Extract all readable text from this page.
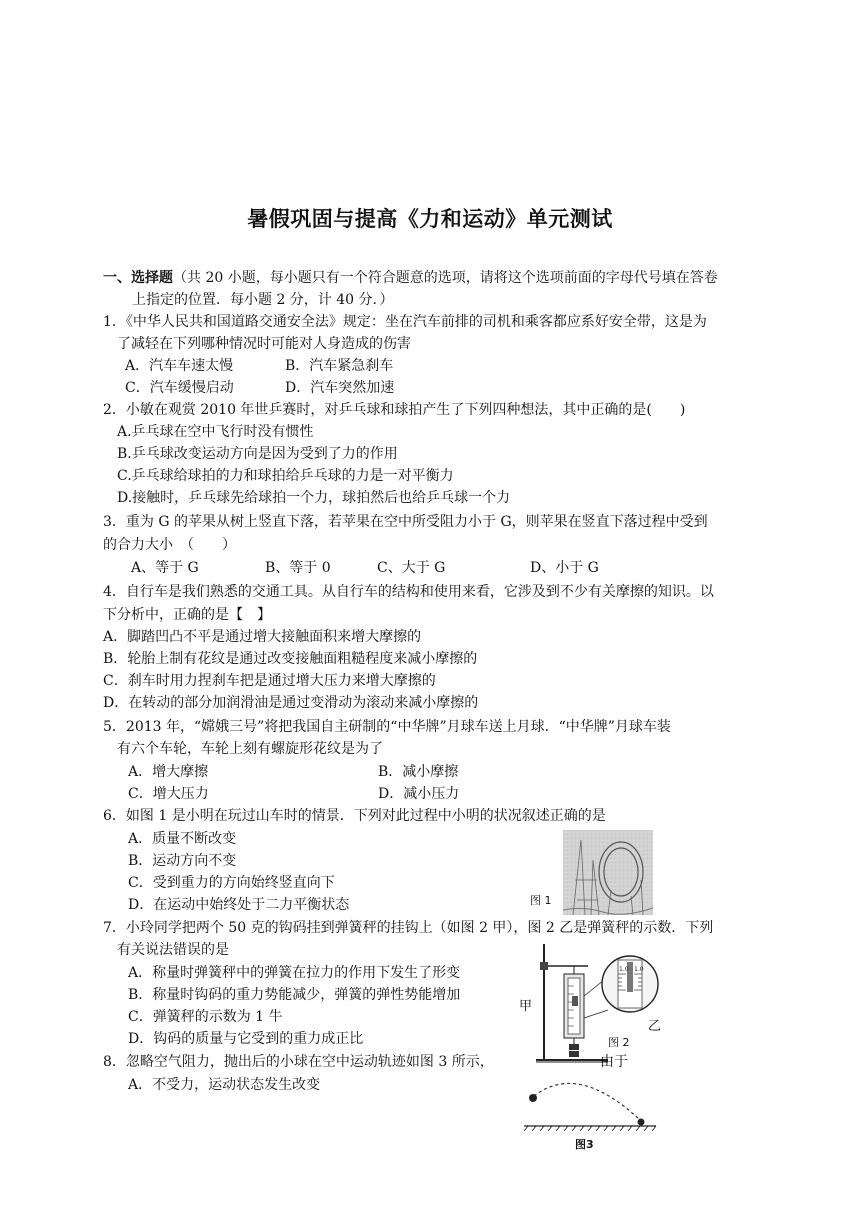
暑假巩固与提高《力和运动》单元测试
一、选择题（共 20 小题，每小题只有一个符合题意的选项，请将这个选项前面的字母代号填在答卷
上指定的位置．每小题 2 分，计 40 分．）
1．《中华人民共和国道路交通安全法》规定：坐在汽车前排的司机和乘客都应系好安全带，这是为
了减轻在下列哪种情况时可能对人身造成的伤害
A．汽车车速太慢	B．汽车紧急刹车
C．汽车缓慢启动	D．汽车突然加速
2．小敏在观赏 2010 年世乒赛时，对乒乓球和球拍产生了下列四种想法，其中正确的是(　　)
A.乒乓球在空中飞行时没有惯性
B.乒乓球改变运动方向是因为受到了力的作用
C.乒乓球给球拍的力和球拍给乒乓球的力是一对平衡力
D.接触时，乒乓球先给球拍一个力，球拍然后也给乒乓球一个力
3．重为 G 的苹果从树上竖直下落，若苹果在空中所受阻力小于 G，则苹果在竖直下落过程中受到
的合力大小　（　　）
A、等于 G	B、等于 0	C、大于 G	D、小于 G
4．自行车是我们熟悉的交通工具。从自行车的结构和使用来看，它涉及到不少有关摩擦的知识。以
下分析中，正确的是【　】
A．脚踏凹凸不平是通过增大接触面积来增大摩擦的
B．轮胎上制有花纹是通过改变接触面粗糙程度来减小摩擦的
C．刹车时用力捏刹车把是通过增大压力来增大摩擦的
D．在转动的部分加润滑油是通过变滑动为滚动来减小摩擦的
5．2013 年，“嫦娥三号”将把我国自主研制的“中华牌”月球车送上月球．“中华牌”月球车装
有六个车轮，车轮上刻有螺旋形花纹是为了
A．增大摩擦	B．减小摩擦
C．增大压力	D．减小压力
6．如图 1 是小明在玩过山车时的情景．下列对此过程中小明的状况叙述正确的是
A．质量不断改变
B．运动方向不变
C．受到重力的方向始终竖直向下
D．在运动中始终处于二力平衡状态	图 1
7．小玲同学把两个 50 克的钩码挂到弹簧秤的挂钩上（如图 2 甲），图 2 乙是弹簧秤的示数．下列
有关说法错误的是
A．称量时弹簧秤中的弹簧在拉力的作用下发生了形变
B．称量时钩码的重力势能减少，弹簧的弹性势能增加
C．弹簧秤的示数为 1 牛
D．钩码的质量与它受到的重力成正比
1.0 1.0
甲
图 2
乙
8．忽略空气阻力，抛出后的小球在空中运动轨迹如图 3 所示，	由于
A．不受力，运动状态发生改变
图3
